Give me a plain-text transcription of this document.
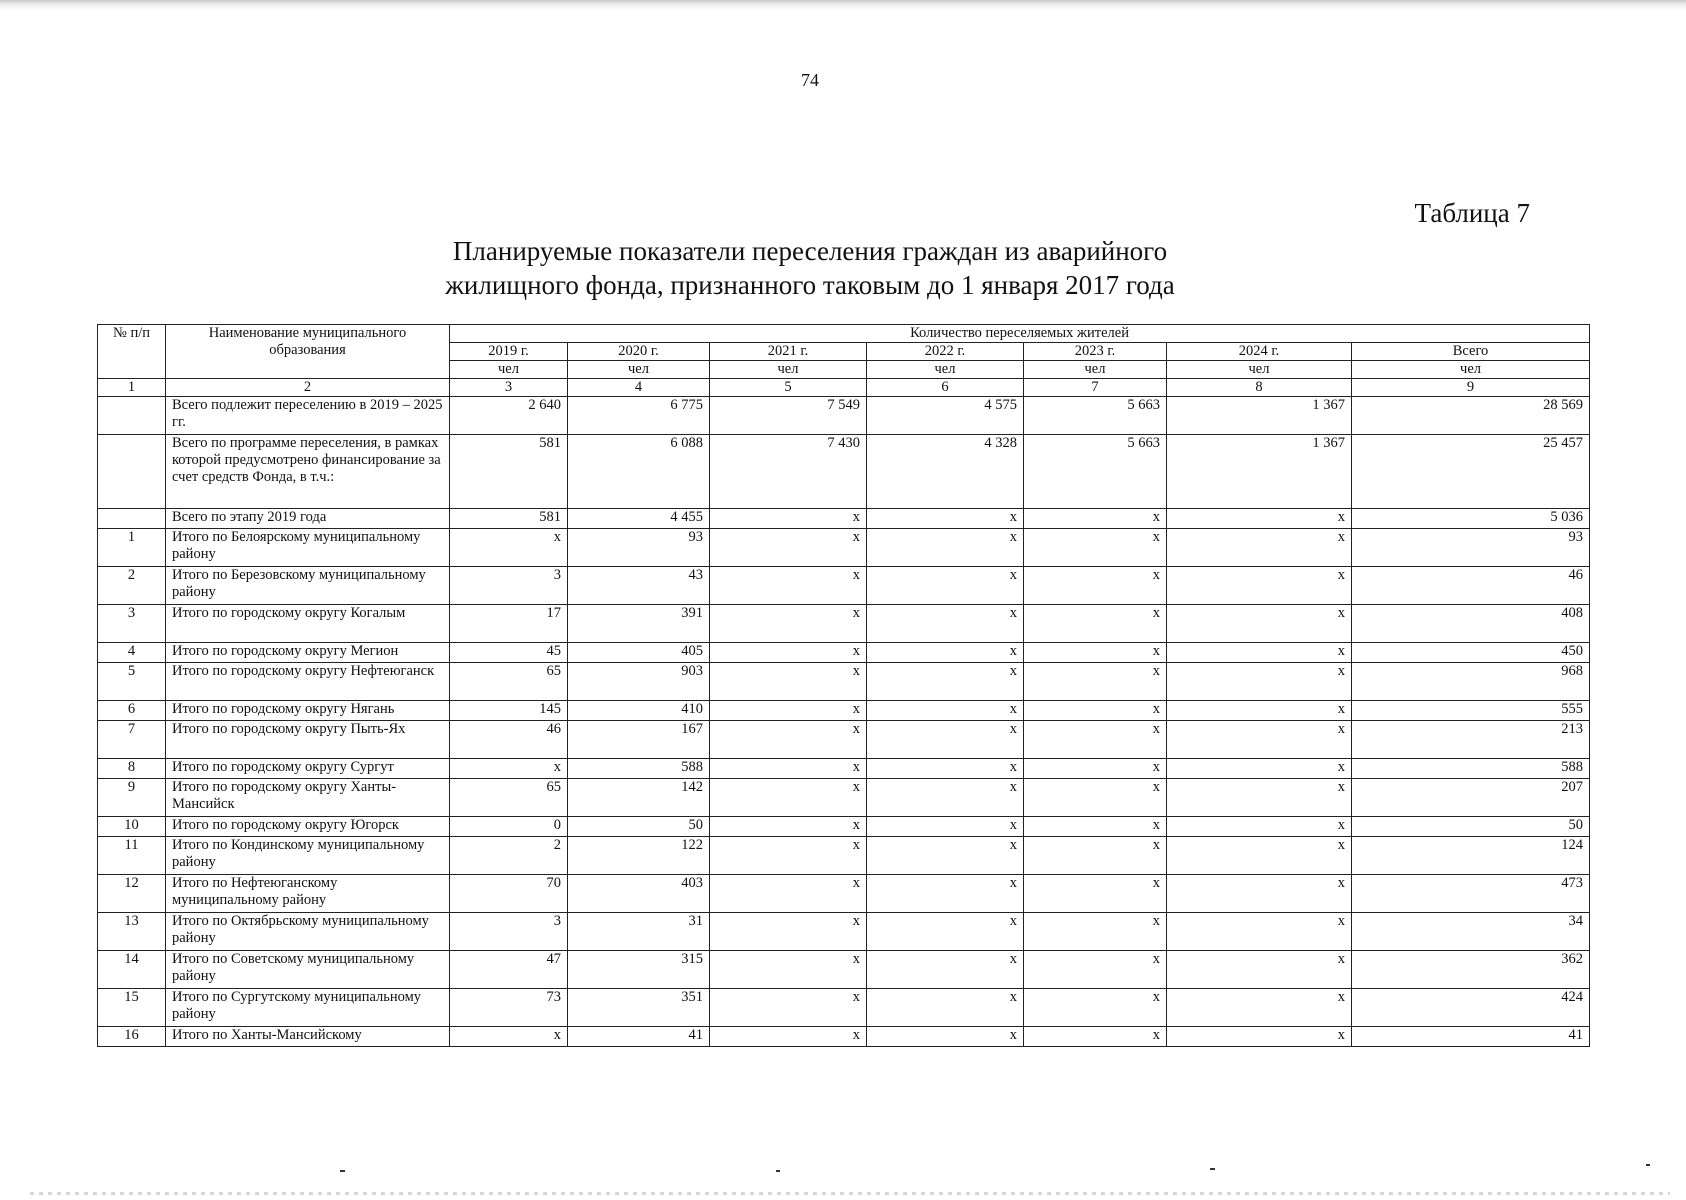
74
Таблица 7
Планируемые показатели переселения граждан из аварийного
жилищного фонда, признанного таковым до 1 января 2017 года
№ п/п	Наименование муниципального образования	Количество переселяемых жителей						
		2019 г.	2020 г.	2021 г.	2022 г.	2023 г.	2024 г.	Всего
		чел	чел	чел	чел	чел	чел	чел
1	2	3	4	5	6	7	8	9
	Всего подлежит переселению в 2019 – 2025 гг.	2 640	6 775	7 549	4 575	5 663	1 367	28 569
	Всего по программе переселения, в рамках которой предусмотрено финансирование за счет средств Фонда, в т.ч.:	581	6 088	7 430	4 328	5 663	1 367	25 457
	Всего по этапу 2019 года	581	4 455	x	x	x	x	5 036
1	Итого по Белоярскому муниципальному району	x	93	x	x	x	x	93
2	Итого по Березовскому муниципальному району	3	43	x	x	x	x	46
3	Итого по городскому округу Когалым	17	391	x	x	x	x	408
4	Итого по городскому округу Мегион	45	405	x	x	x	x	450
5	Итого по городскому округу Нефтеюганск	65	903	x	x	x	x	968
6	Итого по городскому округу Нягань	145	410	x	x	x	x	555
7	Итого по городскому округу Пыть-Ях	46	167	x	x	x	x	213
8	Итого по городскому округу Сургут	x	588	x	x	x	x	588
9	Итого по городскому округу Ханты-Мансийск	65	142	x	x	x	x	207
10	Итого по городскому округу Югорск	0	50	x	x	x	x	50
11	Итого по Кондинскому муниципальному району	2	122	x	x	x	x	124
12	Итого по Нефтеюганскому муниципальному району	70	403	x	x	x	x	473
13	Итого по Октябрьскому муниципальному району	3	31	x	x	x	x	34
14	Итого по Советскому муниципальному району	47	315	x	x	x	x	362
15	Итого по Сургутскому муниципальному району	73	351	x	x	x	x	424
16	Итого по Ханты-Мансийскому	x	41	x	x	x	x	41
